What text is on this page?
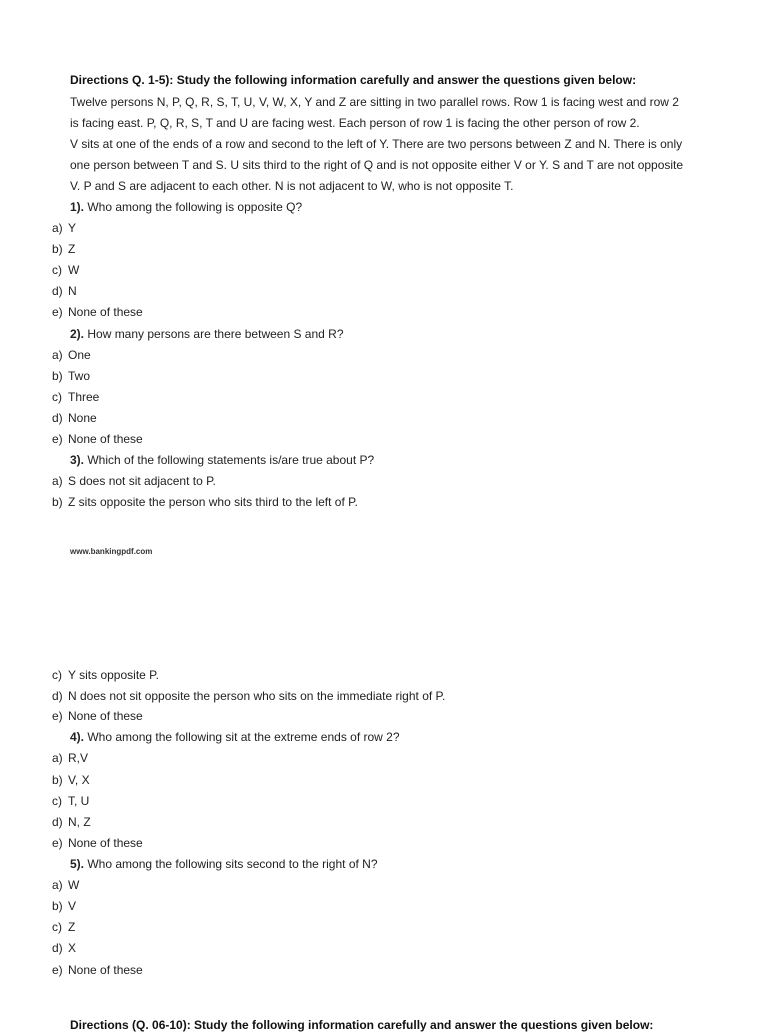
Directions Q. 1-5): Study the following information carefully and answer the questions given below:
Twelve persons N, P, Q, R, S, T, U, V, W, X, Y and Z are sitting in two parallel rows. Row 1 is facing west and row 2
is facing east. P, Q, R, S, T and U are facing west. Each person of row 1 is facing the other person of row 2.
V sits at one of the ends of a row and second to the left of Y. There are two persons between Z and N. There is only
one person between T and S. U sits third to the right of Q and is not opposite either V or Y. S and T are not opposite
V. P and S are adjacent to each other. N is not adjacent to W, who is not opposite T.
1). Who among the following is opposite Q?
a) Y
b) Z
c) W
d) N
e) None of these
2). How many persons are there between S and R?
a) One
b) Two
c) Three
d) None
e) None of these
3). Which of the following statements is/are true about P?
a) S does not sit adjacent to P.
b) Z sits opposite the person who sits third to the left of P.
www.bankingpdf.com
c) Y sits opposite P.
d) N does not sit opposite the person who sits on the immediate right of P.
e) None of these
4). Who among the following sit at the extreme ends of row 2?
a) R,V
b) V, X
c) T, U
d) N, Z
e) None of these
5). Who among the following sits second to the right of N?
a) W
b) V
c) Z
d) X
e) None of these
Directions (Q. 06-10): Study the following information carefully and answer the questions given below:
